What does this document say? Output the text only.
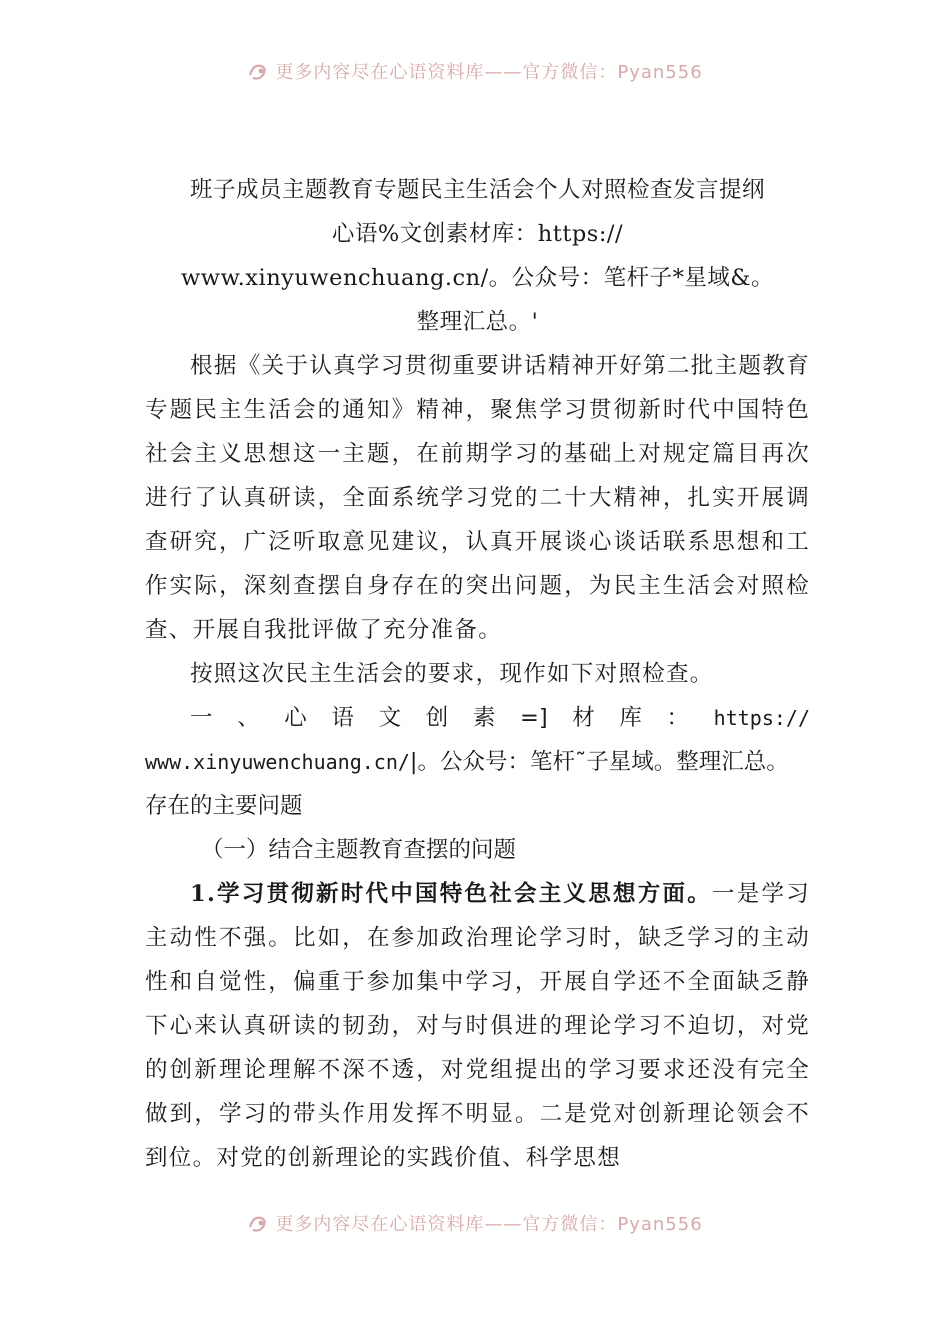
更多内容尽在心语资料库——官方微信：Pyan556
班子成员主题教育专题民主生活会个人对照检查发言提纲
心语%文创素材库：https://
www.xinyuwenchuang.cn/。公众号：笔杆子*星域&。
整理汇总。'

根据《关于认真学习贯彻重要讲话精神开好第二批主题教育专题民主生活会的通知》精神，聚焦学习贯彻新时代中国特色社会主义思想这一主题，在前期学习的基础上对规定篇目再次进行了认真研读，全面系统学习党的二十大精神，扎实开展调查研究，广泛听取意见建议，认真开展谈心谈话联系思想和工作实际，深刻查摆自身存在的突出问题，为民主生活会对照检查、开展自我批评做了充分准备。

按照这次民主生活会的要求，现作如下对照检查。

一 、 心 语 文 创 素 =] 材 库 ： https://
www.xinyuwenchuang.cn/|。公众号：笔杆˜子星域。整理汇总。存在的主要问题

（一）结合主题教育查摆的问题

1.学习贯彻新时代中国特色社会主义思想方面。一是学习主动性不强。比如，在参加政治理论学习时，缺乏学习的主动性和自觉性，偏重于参加集中学习，开展自学还不全面缺乏静下心来认真研读的韧劲，对与时俱进的理论学习不迫切，对党的创新理论理解不深不透，对党组提出的学习要求还没有完全做到，学习的带头作用发挥不明显。二是党对创新理论领会不到位。对党的创新理论的实践价值、科学思想

更多内容尽在心语资料库——官方微信：Pyan556
